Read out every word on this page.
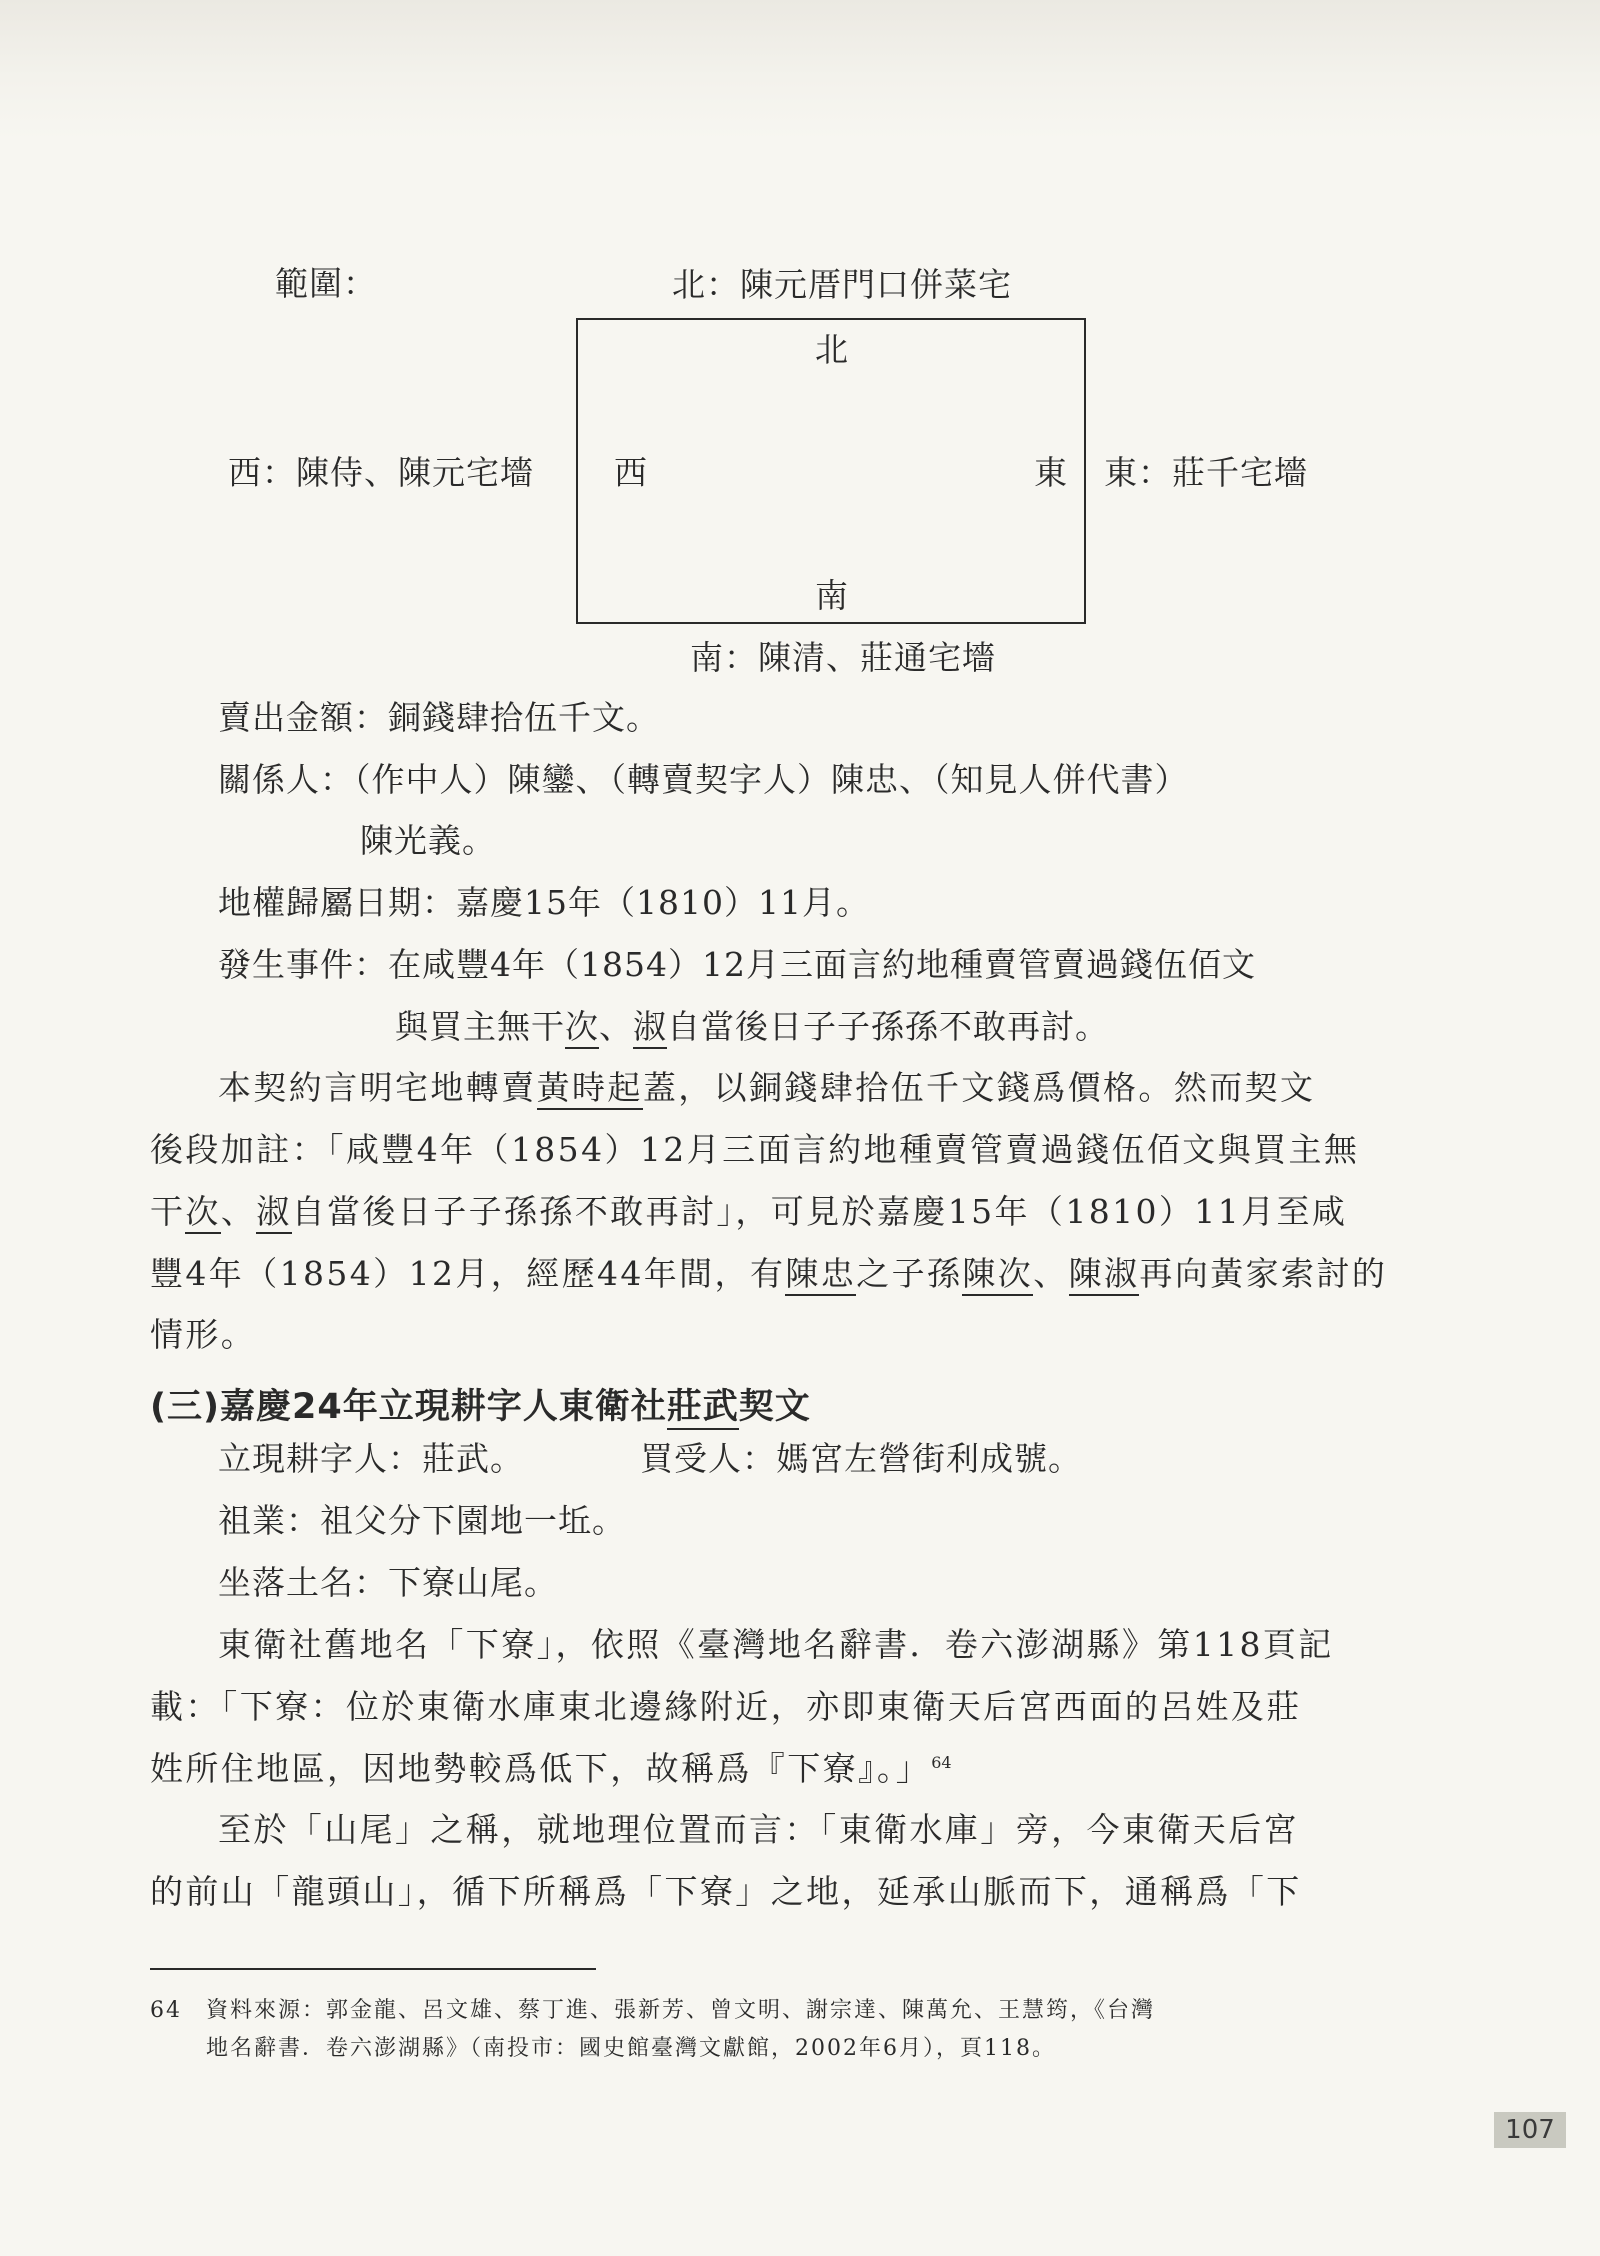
範圍：	北：陳元厝門口併菜宅
北
西：陳侍、陳元宅墻 西	東 東：莊千宅墻
南
南：陳清、莊通宅墻
賣出金額：銅錢肆拾伍千文。
關係人：（作中人）陳鑾、（轉賣契字人）陳忠、（知見人併代書）
陳光義。
地權歸屬日期：嘉慶15年（1810）11月。
發生事件：在咸豐4年（1854）12月三面言約地種賣管賣過錢伍佰文
與買主無干次、淑自當後日子子孫孫不敢再討。
本契約言明宅地轉賣黃時起蓋，以銅錢肆拾伍千文錢爲價格。然而契文
後段加註：「咸豐4年（1854）12月三面言約地種賣管賣過錢伍佰文與買主無
干次、淑自當後日子子孫孫不敢再討」，可見於嘉慶15年（1810）11月至咸
豐4年（1854）12月，經歷44年間，有陳忠之子孫陳次、陳淑再向黃家索討的
情形。
(三)嘉慶24年立現耕字人東衛社莊武契文
立現耕字人：莊武。	買受人：媽宮左營街利成號。
祖業：祖父分下園地一坵。
坐落土名：下寮山尾。
東衛社舊地名「下寮」，依照《臺灣地名辭書．卷六澎湖縣》第118頁記
載：「下寮：位於東衛水庫東北邊緣附近，亦即東衛天后宮西面的呂姓及莊
姓所住地區，因地勢較爲低下，故稱爲『下寮』。」$^{64}$
至於「山尾」之稱，就地理位置而言：「東衛水庫」旁，今東衛天后宮
的前山「龍頭山」，循下所稱爲「下寮」之地，延承山脈而下，通稱爲「下
64 資料來源：郭金龍、呂文雄、蔡丁進、張新芳、曾文明、謝宗達、陳萬允、王慧筠，《台灣
地名辭書．卷六澎湖縣》（南投市：國史館臺灣文獻館，2002年6月），頁118。
107
